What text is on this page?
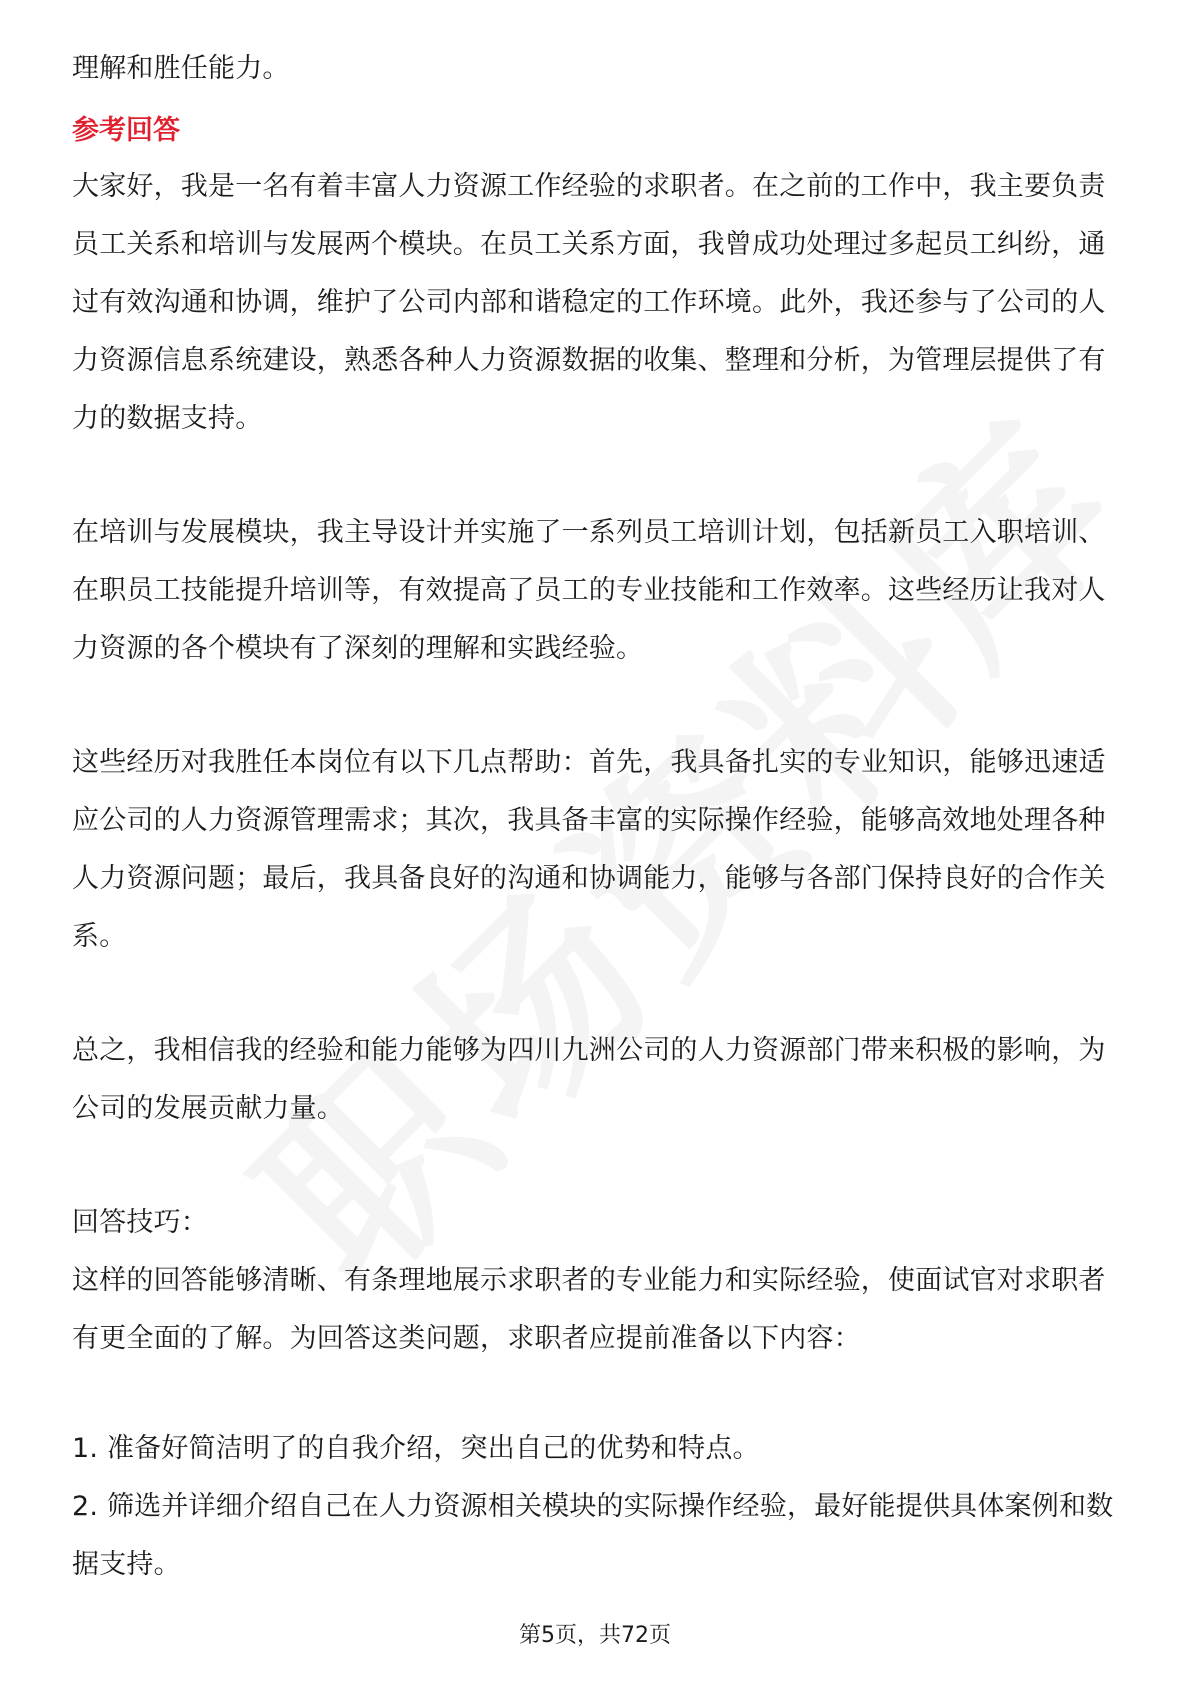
理解和胜任能力。

参考回答

大家好，我是一名有着丰富人力资源工作经验的求职者。在之前的工作中，我主要负责员工关系和培训与发展两个模块。在员工关系方面，我曾成功处理过多起员工纠纷，通过有效沟通和协调，维护了公司内部和谐稳定的工作环境。此外，我还参与了公司的人力资源信息系统建设，熟悉各种人力资源数据的收集、整理和分析，为管理层提供了有力的数据支持。

在培训与发展模块，我主导设计并实施了一系列员工培训计划，包括新员工入职培训、在职员工技能提升培训等，有效提高了员工的专业技能和工作效率。这些经历让我对人力资源的各个模块有了深刻的理解和实践经验。

这些经历对我胜任本岗位有以下几点帮助：首先，我具备扎实的专业知识，能够迅速适应公司的人力资源管理需求；其次，我具备丰富的实际操作经验，能够高效地处理各种人力资源问题；最后，我具备良好的沟通和协调能力，能够与各部门保持良好的合作关系。

总之，我相信我的经验和能力能够为四川九洲公司的人力资源部门带来积极的影响，为公司的发展贡献力量。

回答技巧：

这样的回答能够清晰、有条理地展示求职者的专业能力和实际经验，使面试官对求职者有更全面的了解。为回答这类问题，求职者应提前准备以下内容：

1. 准备好简洁明了的自我介绍，突出自己的优势和特点。

2. 筛选并详细介绍自己在人力资源相关模块的实际操作经验，最好能提供具体案例和数据支持。

第5页，共72页
